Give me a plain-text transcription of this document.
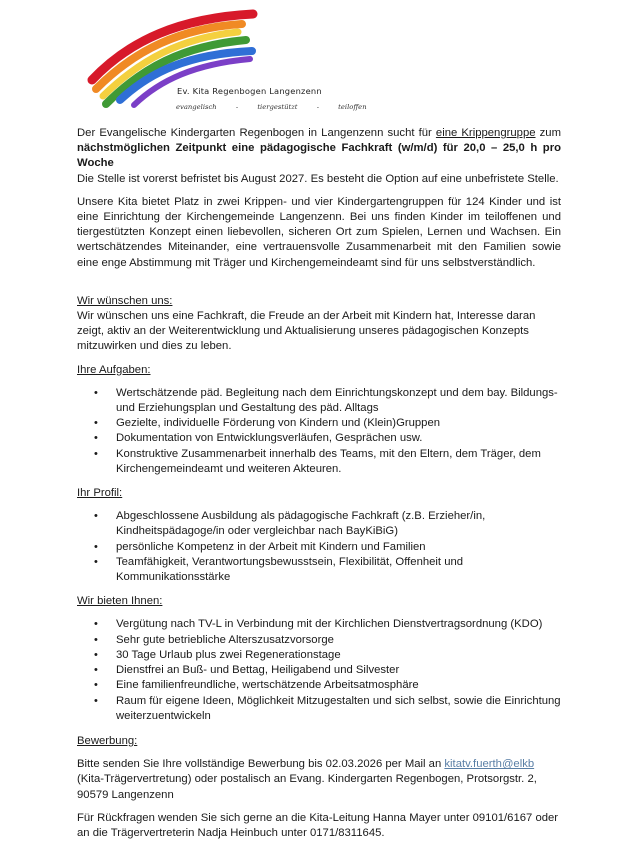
Ev. Kita Regenbogen Langenzenn
evangelisch	-	tiergestützt	-	teiloffen

Der Evangelische Kindergarten Regenbogen in Langenzenn sucht für eine Krippengruppe zum nächstmöglichen Zeitpunkt eine pädagogische Fachkraft (w/m/d) für 20,0 – 25,0 h pro Woche
Die Stelle ist vorerst befristet bis August 2027. Es besteht die Option auf eine unbefristete Stelle.

Unsere Kita bietet Platz in zwei Krippen- und vier Kindergartengruppen für 124 Kinder und ist eine Einrichtung der Kirchengemeinde Langenzenn. Bei uns finden Kinder im teiloffenen und tiergestützten Konzept einen liebevollen, sicheren Ort zum Spielen, Lernen und Wachsen. Ein wertschätzendes Miteinander, eine vertrauensvolle Zusammenarbeit mit den Familien sowie eine enge Abstimmung mit Träger und Kirchengemeindeamt sind für uns selbstverständlich.

Wir wünschen uns:

Wir wünschen uns eine Fachkraft, die Freude an der Arbeit mit Kindern hat, Interesse daran zeigt, aktiv an der Weiterentwicklung und Aktualisierung unseres pädagogischen Konzepts mitzuwirken und dies zu leben.

Ihre Aufgaben:

• Wertschätzende päd. Begleitung nach dem Einrichtungskonzept und dem bay. Bildungs- und Erziehungsplan und Gestaltung des päd. Alltags
• Gezielte, individuelle Förderung von Kindern und (Klein)Gruppen
• Dokumentation von Entwicklungsverläufen, Gesprächen usw.
• Konstruktive Zusammenarbeit innerhalb des Teams, mit den Eltern, dem Träger, dem Kirchengemeindeamt und weiteren Akteuren.

Ihr Profil:

• Abgeschlossene Ausbildung als pädagogische Fachkraft (z.B. Erzieher/in, Kindheitspädagoge/in oder vergleichbar nach BayKiBiG)
• persönliche Kompetenz in der Arbeit mit Kindern und Familien
• Teamfähigkeit, Verantwortungsbewusstsein, Flexibilität, Offenheit und Kommunikationsstärke

Wir bieten Ihnen:

• Vergütung nach TV-L in Verbindung mit der Kirchlichen Dienstvertragsordnung (KDO)
• Sehr gute betriebliche Alterszusatzvorsorge
• 30 Tage Urlaub plus zwei Regenerationstage
• Dienstfrei an Buß- und Bettag, Heiligabend und Silvester
• Eine familienfreundliche, wertschätzende Arbeitsatmosphäre
• Raum für eigene Ideen, Möglichkeit Mitzugestalten und sich selbst, sowie die Einrichtung weiterzuentwickeln

Bewerbung:

Bitte senden Sie Ihre vollständige Bewerbung bis 02.03.2026 per Mail an kitatv.fuerth@elkb (Kita-Trägervertretung) oder postalisch an Evang. Kindergarten Regenbogen, Protsorgstr. 2, 90579 Langenzenn

Für Rückfragen wenden Sie sich gerne an die Kita-Leitung Hanna Mayer unter 09101/6167 oder an die Trägervertreterin Nadja Heinbuch unter 0171/8311645.
